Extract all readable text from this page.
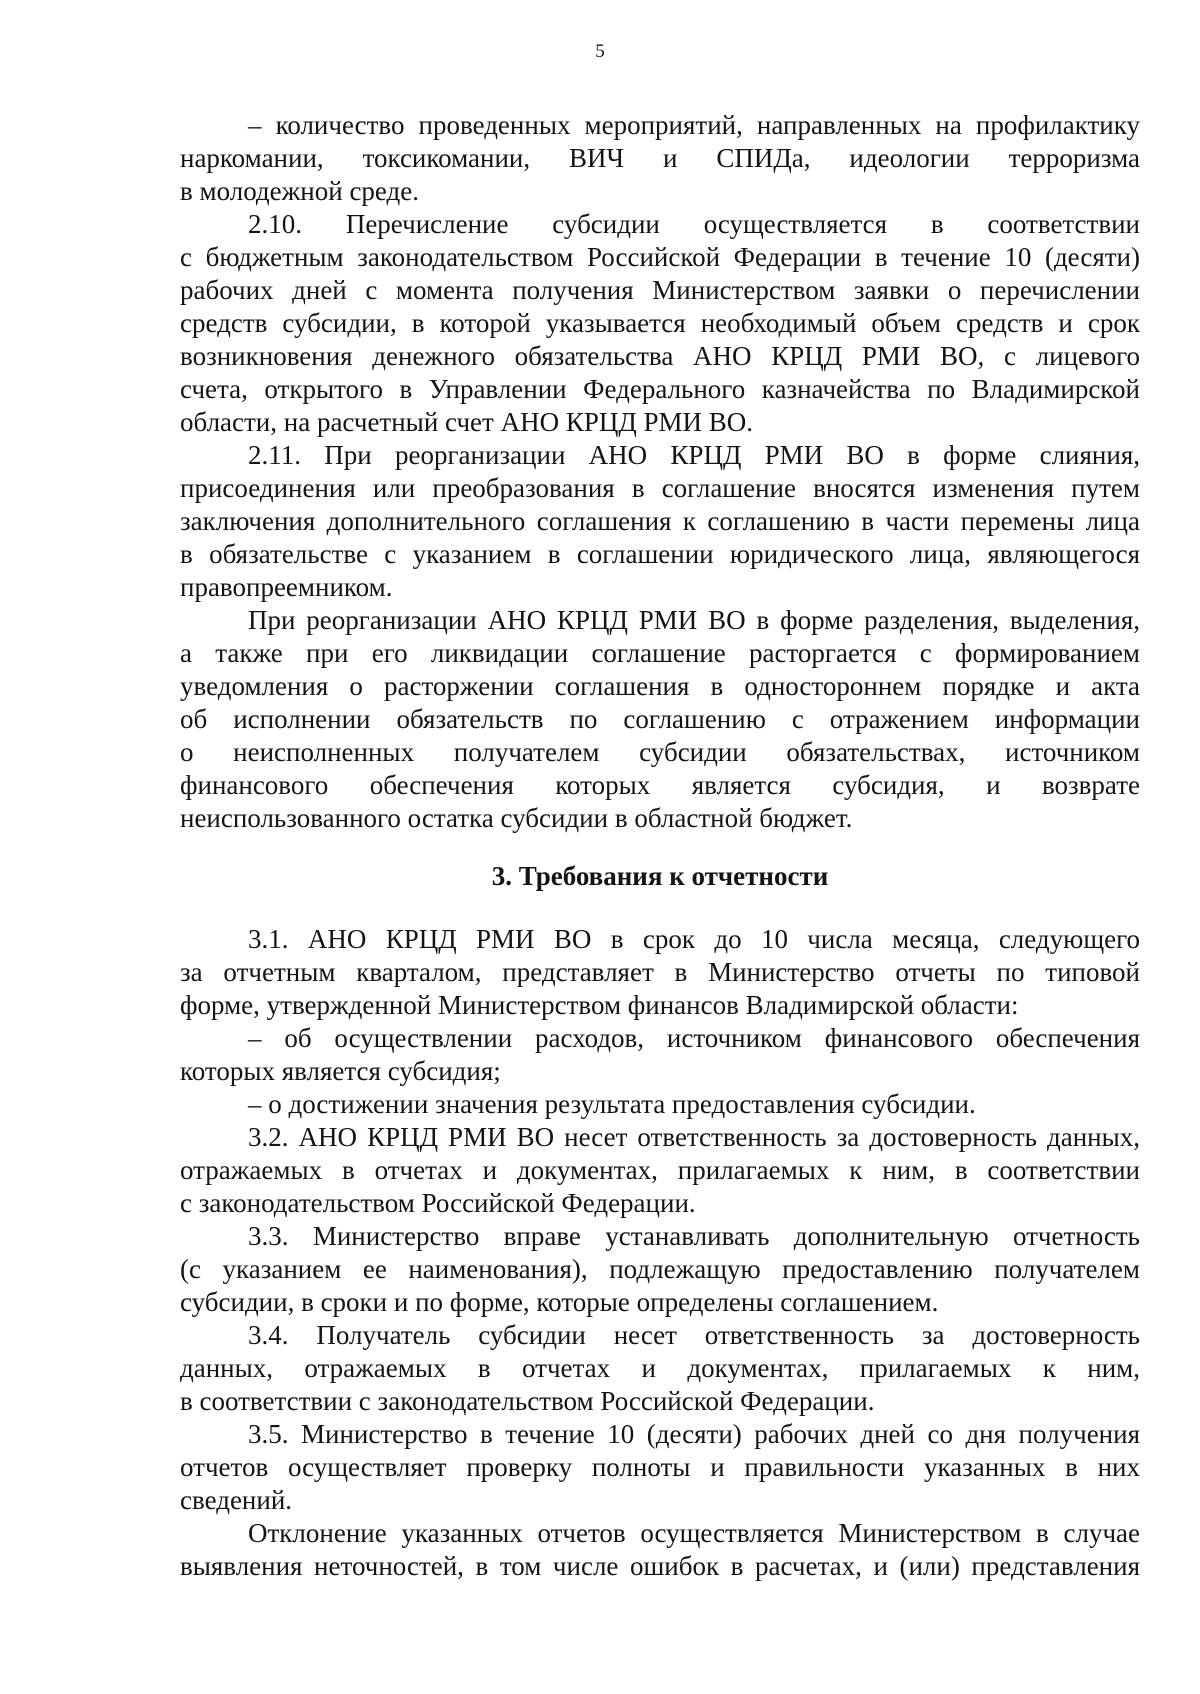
5
– количество проведенных мероприятий, направленных на профилактику
наркомании, токсикомании, ВИЧ и СПИДа, идеологии терроризма
в молодежной среде.
2.10. Перечисление субсидии осуществляется в соответствии
с бюджетным законодательством Российской Федерации в течение 10 (десяти)
рабочих дней с момента получения Министерством заявки о перечислении
средств субсидии, в которой указывается необходимый объем средств и срок
возникновения денежного обязательства АНО КРЦД РМИ ВО, с лицевого
счета, открытого в Управлении Федерального казначейства по Владимирской
области, на расчетный счет АНО КРЦД РМИ ВО.
2.11. При реорганизации АНО КРЦД РМИ ВО в форме слияния,
присоединения или преобразования в соглашение вносятся изменения путем
заключения дополнительного соглашения к соглашению в части перемены лица
в обязательстве с указанием в соглашении юридического лица, являющегося
правопреемником.
При реорганизации АНО КРЦД РМИ ВО в форме разделения, выделения,
а также при его ликвидации соглашение расторгается с формированием
уведомления о расторжении соглашения в одностороннем порядке и акта
об исполнении обязательств по соглашению с отражением информации
о неисполненных получателем субсидии обязательствах, источником
финансового обеспечения которых является субсидия, и возврате
неиспользованного остатка субсидии в областной бюджет.
3. Требования к отчетности
3.1. АНО КРЦД РМИ ВО в срок до 10 числа месяца, следующего
за отчетным кварталом, представляет в Министерство отчеты по типовой
форме, утвержденной Министерством финансов Владимирской области:
– об осуществлении расходов, источником финансового обеспечения
которых является субсидия;
– о достижении значения результата предоставления субсидии.
3.2. АНО КРЦД РМИ ВО несет ответственность за достоверность данных,
отражаемых в отчетах и документах, прилагаемых к ним, в соответствии
с законодательством Российской Федерации.
3.3. Министерство вправе устанавливать дополнительную отчетность
(с указанием ее наименования), подлежащую предоставлению получателем
субсидии, в сроки и по форме, которые определены соглашением.
3.4. Получатель субсидии несет ответственность за достоверность
данных, отражаемых в отчетах и документах, прилагаемых к ним,
в соответствии с законодательством Российской Федерации.
3.5. Министерство в течение 10 (десяти) рабочих дней со дня получения
отчетов осуществляет проверку полноты и правильности указанных в них
сведений.
Отклонение указанных отчетов осуществляется Министерством в случае
выявления неточностей, в том числе ошибок в расчетах, и (или) представления
